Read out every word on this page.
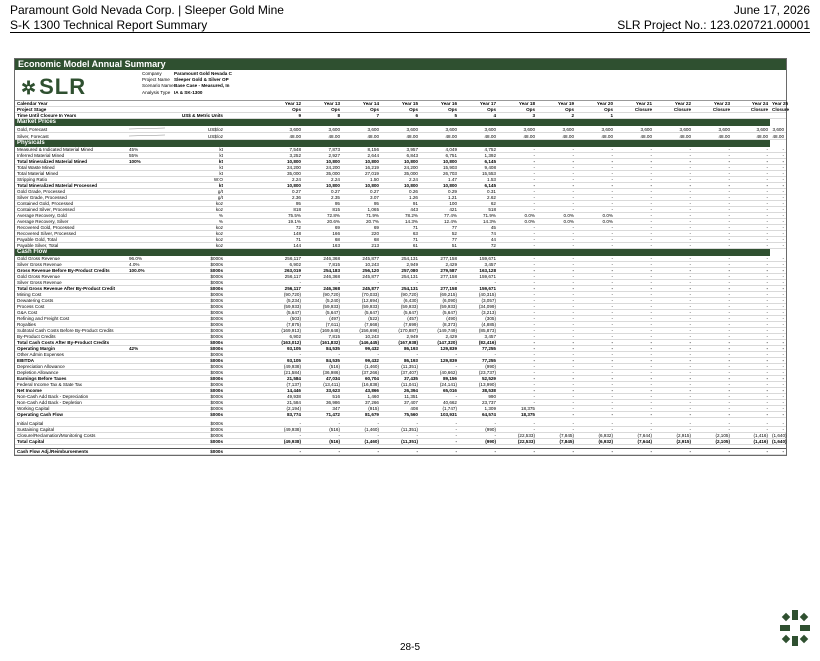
Paramount Gold Nevada Corp. | Sleeper Gold Mine	June 17, 2026
S-K 1300 Technical Report Summary	SLR Project No.: 123.020721.00001
Economic Model Annual Summary
✲SLR
Company	Paramount Gold Nevada C
Project Name Sleeper Gold & Silver OP
Scenario NameBase Case - Measured, In
Analysis Type IA & SK-1300
Calendar Year				Year 12	Year 13	Year 14	Year 15	Year 16	Year 17	Year 18	Year 19	Year 20	Year 21	Year 22	Year 23	Year 24	Year 25
Project Stage				Ops	Ops	Ops	Ops	Ops	Ops	Ops	Ops	Ops	Closure	Closure	Closure	Closure	Closure
Time Until Closure In Years		US$ & Metric Units		9	8	7	6	5	4	3	2	1					
Market Prices																	
Gold, Forecast		US$/oz		3,600	3,600	3,600	3,600	3,600	3,600	3,600	3,600	3,600	3,600	3,600	3,600	3,600	3,600
Silver, Forecast		US$/oz		48.00	48.00	48.00	48.00	48.00	48.00	48.00	48.00	48.00	48.00	48.00	48.00	48.00	48.00
Physicals																	
Measured & Indicated Material Mined	45%	kt		7,548	7,873	8,156	3,957	4,049	4,752	-	-	-	-	-	-	-	-
Inferred Material Mined	55%	kt		3,252	2,927	2,644	6,843	6,751	1,392	-	-	-	-	-	-	-	-
Total Mineralized Material Mined	100%	kt		10,800	10,800	10,800	10,800	10,800	6,145	-	-	-	-	-	-	-	-
Total Waste Mined		kt		24,200	24,200	16,219	24,200	15,903	9,408	-	-	-	-	-	-	-	-
Total Material Mined		kt		35,000	35,000	27,019	35,000	26,703	15,553	-	-	-	-	-	-	-	-
Stripping Ratio		W:O		2.24	2.24	1.50	2.24	1.47	1.53	-	-	-	-	-	-	-	-
Total Mineralized Material Processed		kt		10,800	10,800	10,800	10,800	10,800	6,145	-	-	-	-	-	-	-	-
Gold Grade, Processed		g/t		0.27	0.27	0.27	0.26	0.29	0.31	-	-	-	-	-	-	-	-
Silver Grade, Processed		g/t		2.36	2.35	3.07	1.26	1.21	2.62	-	-	-	-	-	-	-	-
Contained Gold, Processed		koz		95	95	95	91	100	62	-	-	-	-	-	-	-	-
Contained Silver, Processed		koz		818	815	1,065	443	421	518	-	-	-	-	-	-	-	-
Average Recovery, Gold		%		75.5%	72.8%	71.9%	78.2%	77.4%	71.9%	0.0%	0.0%	0.0%	-	-	-	-	-
Average Recovery, Silver		%		19.1%	20.6%	20.7%	14.3%	12.4%	14.3%	0.0%	0.0%	0.0%	-	-	-	-	-
Recovered Gold, Processed		koz		72	69	69	71	77	45	-	-	-	-	-	-	-	-
Recovered Silver, Processed		koz		148	166	220	63	52	74	-	-	-	-	-	-	-	-
Payable Gold, Total		koz		71	68	68	71	77	44	-	-	-	-	-	-	-	-
Payable Silver, Total		koz		144	163	213	61	51	72	-	-	-	-	-	-	-	-
Cash Flow																	
Gold Gross Revenue	96.0%	$000s		256,117	246,368	245,877	254,131	277,158	159,671	-	-	-	-	-	-	-	-
Silver Gross Revenue	4.0%	$000s		6,902	7,815	10,243	2,949	2,429	3,457	-	-	-	-	-	-	-	-
Gross Revenue Before By-Product Credits	100.0%	$000s		263,019	254,183	256,120	257,080	279,587	163,128	-	-	-	-	-	-	-	-
Gold Gross Revenue		$000s		256,117	246,368	245,877	254,131	277,158	159,671	-	-	-	-	-	-	-	-
Silver Gross Revenue		$000s		-	-	-	-	-	-	-	-	-	-	-	-	-	-
Total Gross Revenue After By-Product Credit		$000s		256,117	246,368	245,877	254,131	277,158	159,671	-	-	-	-	-	-	-	-
Mining Cost		$000s		(90,720)	(90,720)	(70,033)	(90,720)	(69,215)	(40,315)	-	-	-	-	-	-	-	-
Dewatering Costs		$000s		(5,234)	(5,240)	(12,694)	(6,430)	(6,090)	(3,057)	-	-	-	-	-	-	-	-
Process Cost		$000s		(59,933)	(59,933)	(59,933)	(59,933)	(59,933)	(34,099)	-	-	-	-	-	-	-	-
G&A Cost		$000s		(5,647)	(5,647)	(5,647)	(5,647)	(5,647)	(3,213)	-	-	-	-	-	-	-	-
Refining and Freight Cost		$000s		(503)	(497)	(522)	(457)	(490)	(305)	-	-	-	-	-	-	-	-
Royalties		$000s		(7,875)	(7,611)	(7,668)	(7,699)	(8,373)	(4,885)	-	-	-	-	-	-	-	-
Subtotal Cash Costs Before By-Product Credits		$000s		(169,913)	(169,648)	(156,698)	(170,887)	(149,749)	(85,873)	-	-	-	-	-	-	-	-
By-Product Credits		$000s		6,902	7,815	10,243	2,949	2,429	3,457	-	-	-	-	-	-	-	-
Total Cash Costs After By-Product Credits		$000s		(163,012)	(161,832)	(146,445)	(167,938)	(147,320)	(82,416)	-	-	-	-	-	-	-	-
Operating Margin	42%	$000s		93,105	84,535	99,432	86,193	129,839	77,255	-	-	-	-	-	-	-	-
Other Admin Expenses		$000s		-	-	-	-	-	-	-	-	-	-	-	-	-	-
EBITDA		$000s		93,105	84,535	99,432	86,193	129,839	77,255	-	-	-	-	-	-	-	-
Depreciation Allowance		$000s		(49,938)	(516)	(1,460)	(11,351)	-	(990)	-	-	-	-	-	-	-	-
Depletion Allowance		$000s		(21,584)	(36,986)	(37,266)	(37,407)	(40,662)	(23,737)	-	-	-	-	-	-	-	-
Earnings Before Taxes		$000s		21,584	47,034	60,704	37,435	89,156	52,529	-	-	-	-	-	-	-	-
Federal Income Tax & State Tax		$000s		(7,137)	(13,411)	(16,838)	(11,041)	(24,141)	(13,990)	-	-	-	-	-	-	-	-
Net Income		$000s		14,446	33,623	43,866	26,394	65,016	38,538	-	-	-	-	-	-	-	-
Non-Cash Add Back - Depreciation		$000s		49,938	516	1,460	11,351	-	990	-	-	-	-	-	-	-	-
Non-Cash Add Back - Depletion		$000s		21,584	36,986	37,266	37,407	40,662	23,737	-	-	-	-	-	-	-	-
Working Capital		$000s		(2,194)	347	(915)	408	(1,747)	1,309	18,375	-	-	-	-	-	-	-
Operating Cash Flow		$000s		83,774	71,472	81,679	75,560	103,931	64,574	18,375	-	-	-	-	-	-	-

Initial Capital		$000s		-	-	-	-	-	-	-	-	-	-	-	-	-	-
Sustaining Capital		$000s		(49,938)	(516)	(1,460)	(11,351)	-	(990)	-	-	-	-	-	-	-	-
Closure/Reclamation/Monitoring Costs		$000s		-	-	-	-	-	-	(22,533)	(7,845)	(6,932)	(7,644)	(2,915)	(2,105)	(1,416)	(1,640)
Total Capital		$000s		(49,938)	(516)	(1,460)	(11,351)	-	(990)	(22,533)	(7,845)	(6,932)	(7,644)	(2,915)	(2,105)	(1,416)	(1,640)

Cash Flow Adj./Reimbursements		$000s		-	-	-	-	-	-	-	-	-	-	-	-	-	-
28-5
